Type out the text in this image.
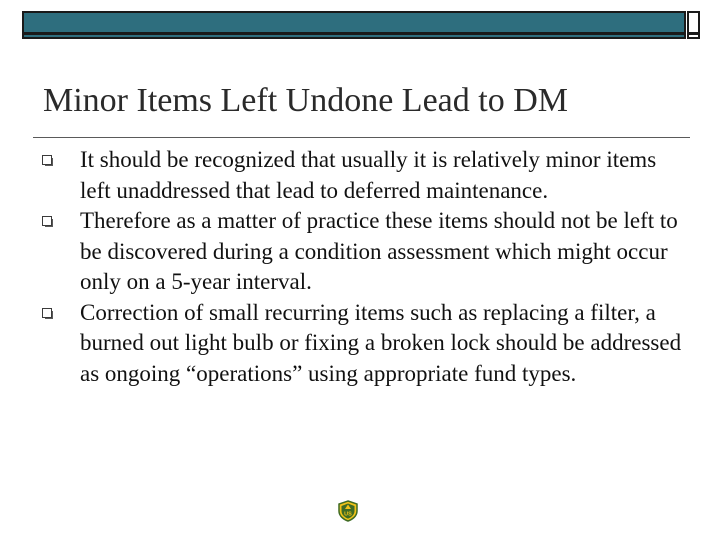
Minor Items Left Undone Lead to DM
It should be recognized that usually it is relatively minor items left unaddressed that lead to deferred maintenance.
Therefore as a matter of practice these items should not be left to be discovered during a condition assessment which might occur only on a 5-year interval.
Correction of small recurring items such as replacing a filter, a burned out light bulb or fixing a broken lock should be addressed as ongoing “operations” using appropriate fund types.
US
